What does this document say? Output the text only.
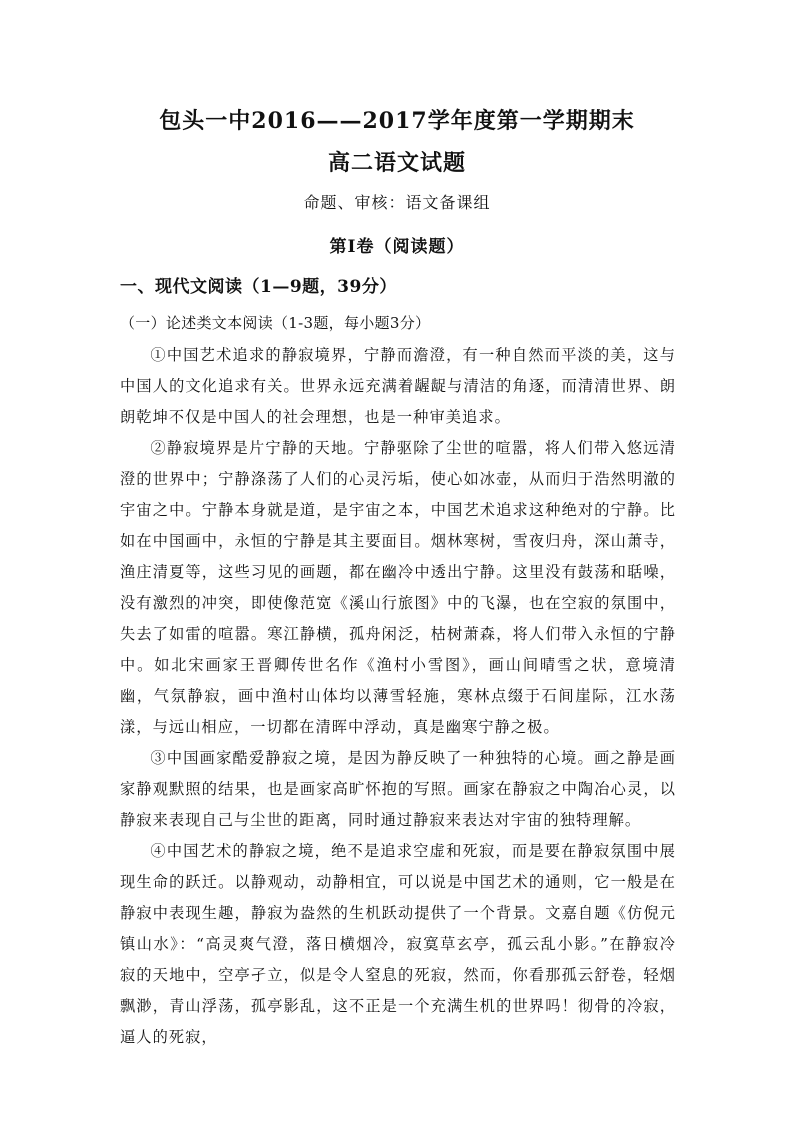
包头一中2016——2017学年度第一学期期末
高二语文试题
命题、审核：语文备课组
第Ⅰ卷（阅读题）
一、现代文阅读（1—9题，39分）
（一）论述类文本阅读（1-3题，每小题3分）

①中国艺术追求的静寂境界，宁静而澹澄，有一种自然而平淡的美，这与中国人的文化追求有关。世界永远充满着龌龊与清洁的角逐，而清清世界、朗朗乾坤不仅是中国人的社会理想，也是一种审美追求。

②静寂境界是片宁静的天地。宁静驱除了尘世的喧嚣，将人们带入悠远清澄的世界中；宁静涤荡了人们的心灵污垢，使心如冰壶，从而归于浩然明澈的宇宙之中。宁静本身就是道，是宇宙之本，中国艺术追求这种绝对的宁静。比如在中国画中，永恒的宁静是其主要面目。烟林寒树，雪夜归舟，深山萧寺，渔庄清夏等，这些习见的画题，都在幽冷中透出宁静。这里没有鼓荡和聒噪，没有激烈的冲突，即使像范宽《溪山行旅图》中的飞瀑，也在空寂的氛围中，失去了如雷的喧嚣。寒江静横，孤舟闲泛，枯树萧森，将人们带入永恒的宁静中。如北宋画家王晋卿传世名作《渔村小雪图》，画山间晴雪之状，意境清幽，气氛静寂，画中渔村山体均以薄雪轻施，寒林点缀于石间崖际，江水荡漾，与远山相应，一切都在清晖中浮动，真是幽寒宁静之极。

③中国画家酷爱静寂之境，是因为静反映了一种独特的心境。画之静是画家静观默照的结果，也是画家高旷怀抱的写照。画家在静寂之中陶冶心灵，以静寂来表现自己与尘世的距离，同时通过静寂来表达对宇宙的独特理解。

④中国艺术的静寂之境，绝不是追求空虚和死寂，而是要在静寂氛围中展现生命的跃迁。以静观动，动静相宜，可以说是中国艺术的通则，它一般是在静寂中表现生趣，静寂为盎然的生机跃动提供了一个背景。文嘉自题《仿倪元镇山水》：“高灵爽气澄，落日横烟冷，寂寞草玄亭，孤云乱小影。”在静寂冷寂的天地中，空亭孑立，似是令人窒息的死寂，然而，你看那孤云舒卷，轻烟飘渺，青山浮荡，孤亭影乱，这不正是一个充满生机的世界吗！彻骨的冷寂，逼人的死寂，
